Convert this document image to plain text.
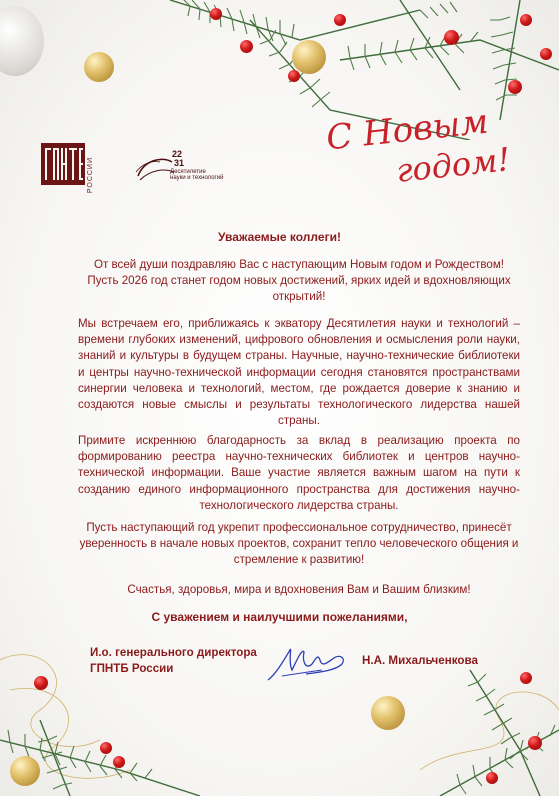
РОССИИ
22
31
Десятилетие
науки и технологий
С Новым
годом!
Уважаемые коллеги!
От всей души поздравляю Вас с наступающим Новым годом и Рождеством! Пусть 2026 год станет годом новых достижений, ярких идей и вдохновляющих открытий!
Мы встречаем его, приближаясь к экватору Десятилетия науки и технологий – времени глубоких изменений, цифрового обновления и осмысления роли науки, знаний и культуры в будущем страны. Научные, научно-технические библиотеки и центры научно-технической информации сегодня становятся пространствами синергии человека и технологий, местом, где рождается доверие к знанию и создаются новые смыслы и результаты технологического лидерства нашей страны.
Примите искреннюю благодарность за вклад в реализацию проекта по формированию реестра научно-технических библиотек и центров научно-технической информации. Ваше участие является важным шагом на пути к созданию единого информационного пространства для достижения научно-технологического лидерства страны.
Пусть наступающий год укрепит профессиональное сотрудничество, принесёт уверенность в начале новых проектов, сохранит тепло человеческого общения и стремление к развитию!
Счастья, здоровья, мира и вдохновения Вам и Вашим близким!
С уважением и наилучшими пожеланиями,
И.о. генерального директора
ГПНТБ России
Н.А. Михальченкова
